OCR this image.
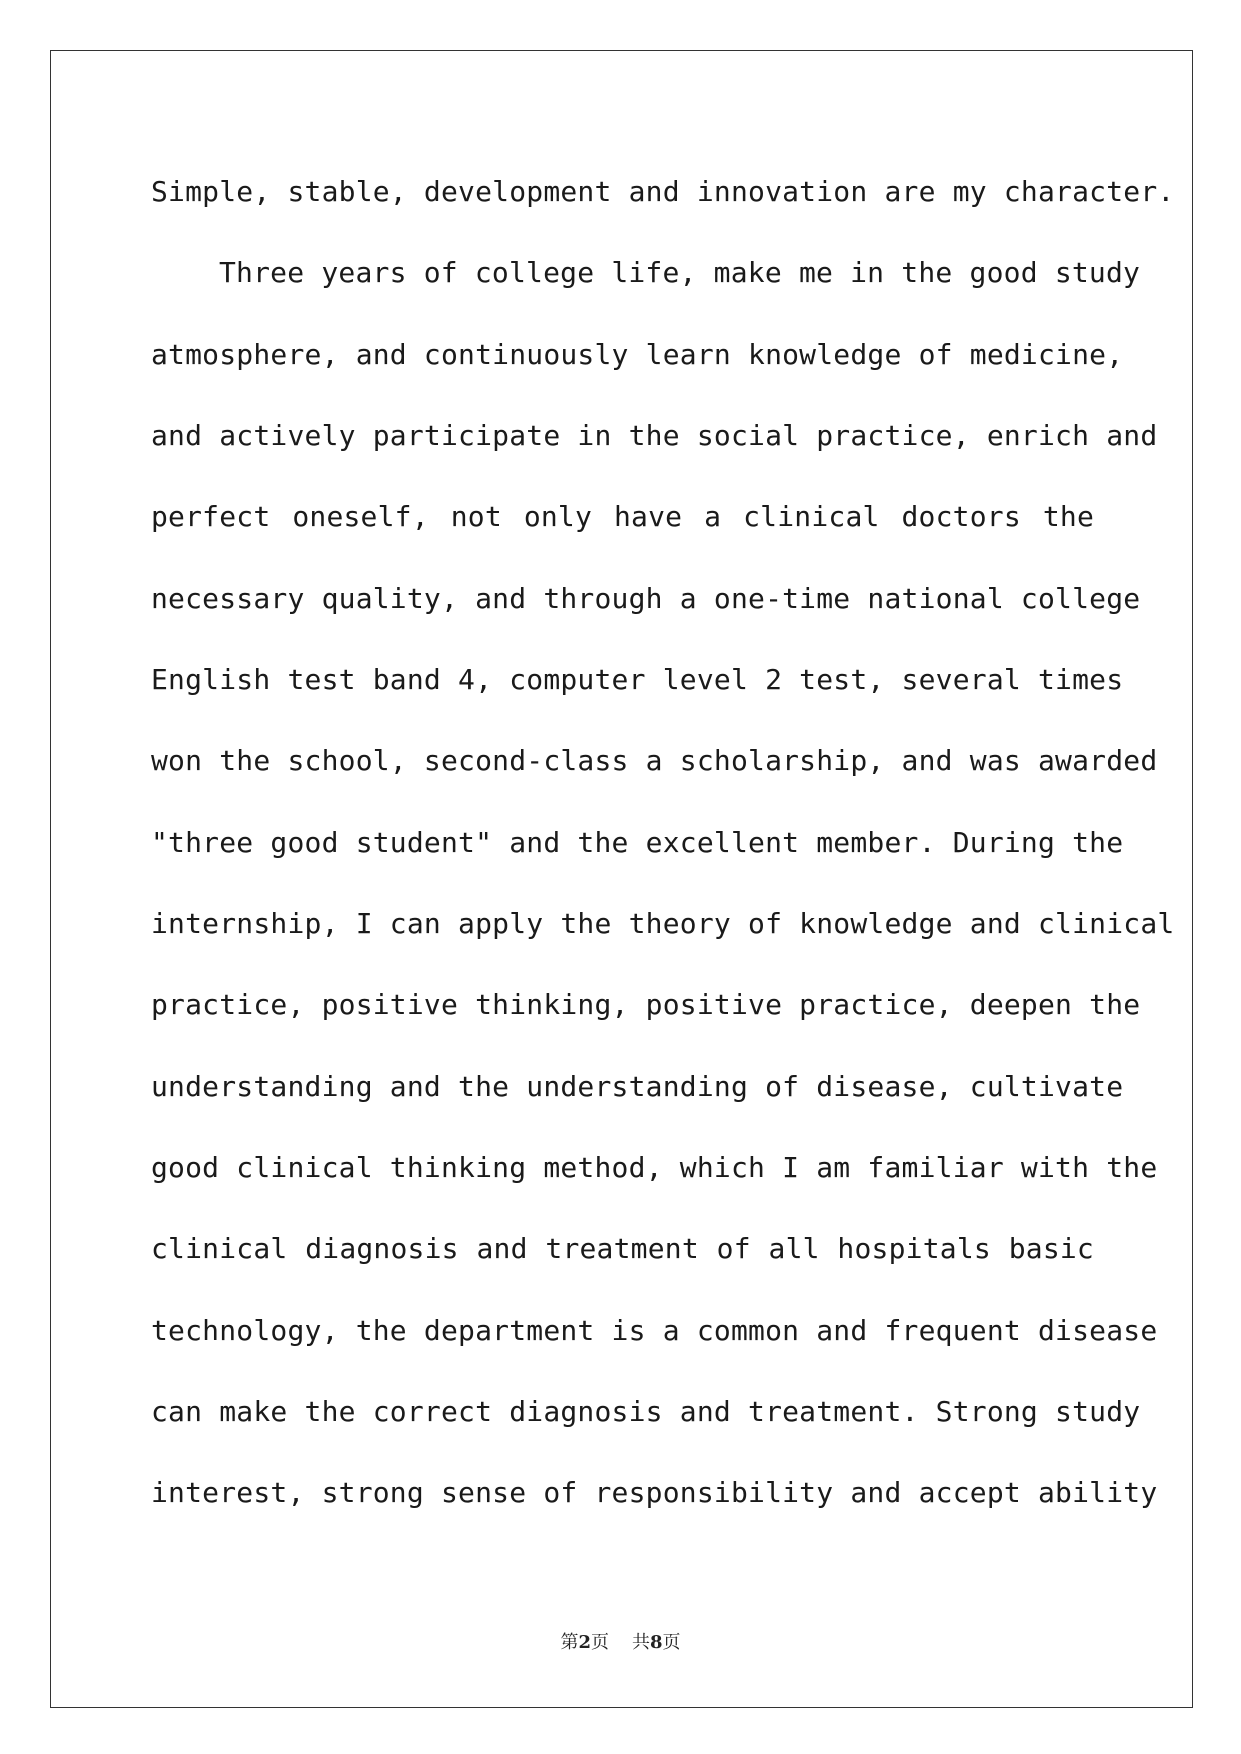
Simple, stable, development and innovation are my character.
Three years of college life, make me in the good study
atmosphere, and continuously learn knowledge of medicine,
and actively participate in the social practice, enrich and
perfect oneself, not only have a clinical doctors the
necessary quality, and through a one-time national college
English test band 4, computer level 2 test, several times
won the school, second-class a scholarship, and was awarded
"three good student" and the excellent member. During the
internship, I can apply the theory of knowledge and clinical
practice, positive thinking, positive practice, deepen the
understanding and the understanding of disease, cultivate
good clinical thinking method, which I am familiar with the
clinical diagnosis and treatment of all hospitals basic
technology, the department is a common and frequent disease
can make the correct diagnosis and treatment. Strong study
interest, strong sense of responsibility and accept ability
第2页 共8页
